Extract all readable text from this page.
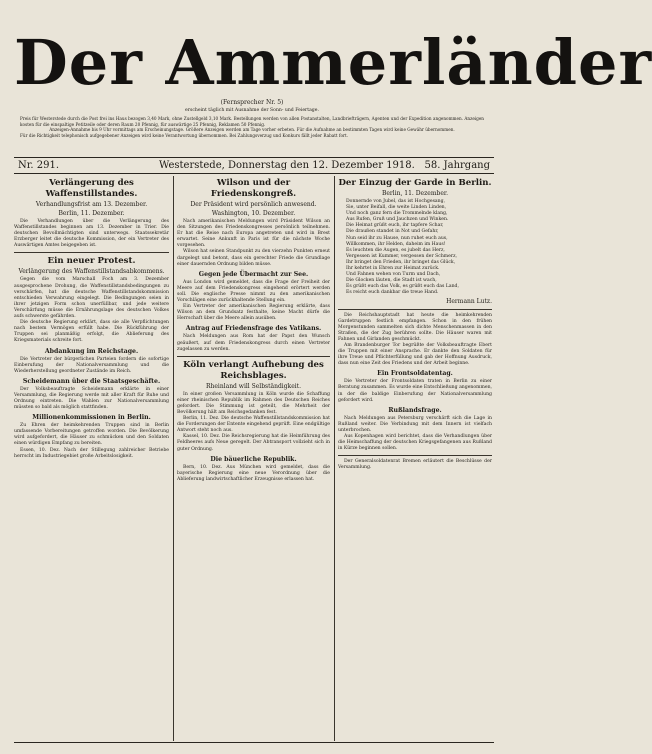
Der Ammerländer
(Fernsprecher Nr. 5)
erscheint täglich mit Ausnahme der Sonn- und Feiertage.
Preis für Westerstede durch die Post frei ins Haus bezogen 3,40 Mark, ohne Zustellgeld 3,10 Mark. Bestellungen werden von allen Postanstalten, Landbriefträgern, Agenten und der Expedition angenommen. Anzeigen kosten für die einspaltige Petitzeile oder deren Raum 20 Pfennig, für auswärtige 25 Pfennig, Reklamen 50 Pfennig.
Anzeigen-Annahme bis 9 Uhr vormittags am Erscheinungstage. Größere Anzeigen werden am Tage vorher erbeten. Für die Aufnahme an bestimmten Tagen wird keine Gewähr übernommen.
Für die Richtigkeit telephonisch aufgegebener Anzeigen wird keine Verantwortung übernommen. Bei Zahlungsverzug und Konkurs fällt jeder Rabatt fort.
Nr. 291.	Westerstede, Donnerstag den 12. Dezember 1918. 58. Jahrgang
Verlängerung des Waffenstillstandes.
Verhandlungsfrist am 13. Dezember.
Berlin, 11. Dezember.

Die Verhandlungen über die Verlängerung des Waffenstillstandes beginnen am 13. Dezember in Trier. Die deutschen Bevollmächtigten sind unterwegs. Staatssekretär Erzberger leitet die deutsche Kommission, der ein Vertreter des Auswärtigen Amtes beigegeben ist.

Ein neuer Protest.
Verlängerung des Waffenstillstandsabkommens.

Gegen die vom Marschall Foch am 3. Dezember ausgesprochene Drohung, die Waffenstillstandsbedingungen zu verschärfen, hat die deutsche Waffenstillstandskommission entschieden Verwahrung eingelegt. Die Bedingungen seien in ihrer jetzigen Form schon unerfüllbar, und jede weitere Verschärfung müsse die Ernährungslage des deutschen Volkes aufs schwerste gefährden.

Die deutsche Regierung erklärt, dass sie alle Verpflichtungen nach bestem Vermögen erfüllt habe. Die Rückführung der Truppen sei planmäßig erfolgt, die Ablieferung des Kriegsmaterials schreite fort.

Abdankung im Reichstage.

Die Vertreter der bürgerlichen Parteien fordern die sofortige Einberufung der Nationalversammlung und die Wiederherstellung geordneter Zustände im Reich.

Scheidemann über die Staatsgeschäfte.

Der Volksbeauftragte Scheidemann erklärte in einer Versammlung, die Regierung werde mit aller Kraft für Ruhe und Ordnung eintreten. Die Wahlen zur Nationalversammlung müssten so bald als möglich stattfinden.

Millionenkommissionen in Berlin.

Zu Ehren der heimkehrenden Truppen sind in Berlin umfassende Vorbereitungen getroffen worden. Die Bevölkerung wird aufgefordert, die Häuser zu schmücken und den Soldaten einen würdigen Empfang zu bereiten.

Essen, 10. Dez. Nach der Stillegung zahlreicher Betriebe herrscht im Industriegebiet große Arbeitslosigkeit.

Wilson und der Friedenskongreß.
Der Präsident wird persönlich anwesend.
Washington, 10. Dezember.

Nach amerikanischen Meldungen wird Präsident Wilson an den Sitzungen des Friedenskongresses persönlich teilnehmen. Er hat die Reise nach Europa angetreten und wird in Brest erwartet. Seine Ankunft in Paris ist für die nächste Woche vorgesehen.

Wilson hat seinen Standpunkt zu den vierzehn Punkten erneut dargelegt und betont, dass ein gerechter Friede die Grundlage einer dauernden Ordnung bilden müsse.

Gegen jede Übermacht zur See.

Aus London wird gemeldet, dass die Frage der Freiheit der Meere auf dem Friedenskongress eingehend erörtert werden soll. Die englische Presse nimmt zu den amerikanischen Vorschlägen eine zurückhaltende Stellung ein.

Ein Vertreter der amerikanischen Regierung erklärte, dass Wilson an dem Grundsatz festhalte, keine Macht dürfe die Herrschaft über die Meere allein ausüben.

Antrag auf Friedensfrage des Vatikans.

Nach Meldungen aus Rom hat der Papst den Wunsch geäußert, auf dem Friedenskongress durch einen Vertreter zugelassen zu werden.

Köln verlangt Aufhebung des Reichsblages.
Rheinland will Selbständigkeit.

In einer großen Versammlung in Köln wurde die Schaffung einer rheinischen Republik im Rahmen des Deutschen Reiches gefordert. Die Stimmung ist geteilt, die Mehrheit der Bevölkerung hält am Reichsgedanken fest.

Berlin, 11. Dez. Die deutsche Waffenstillstandskommission hat die Forderungen der Entente eingehend geprüft. Eine endgültige Antwort steht noch aus.

Kassel, 10. Dez. Die Reichsregierung hat die Heimführung des Feldheeres aufs Neue geregelt. Der Abtransport vollzieht sich in guter Ordnung.

Die bäuerliche Republik.

Bern, 10. Dez. Aus München wird gemeldet, dass die bayerische Regierung eine neue Verordnung über die Ablieferung landwirtschaftlicher Erzeugnisse erlassen hat.

Der Einzug der Garde in Berlin.
Berlin, 11. Dezember.
Donnernde von Jubel, das ist Hochgesang,
Sie, unter Beifall, die weite Linden Linden,
Und noch ganz fern die Trommelnde klang,
Aus Rufen, Gruß und Jauchzen und Winken.
Die Heimat grüßt euch, ihr tapfere Schar,
Die draußen standet in Not und Gefahr,
Nun seid ihr zu Hause, nun ruhet euch aus,
Willkommen, ihr Helden, daheim im Haus!
Es leuchten die Augen, es jubelt das Herz,
Vergessen ist Kummer, vergessen der Schmerz,
Ihr bringet den Frieden, ihr bringet das Glück,
Ihr kehrtet in Ehren zur Heimat zurück.
Und Fahnen wehen von Turm und Dach,
Die Glocken läuten, die Stadt ist wach,
Es grüßt euch das Volk, es grüßt euch das Land,
Es reicht euch dankbar die treue Hand.
Hermann Lutz.

Die Reichshauptstadt hat heute die heimkehrenden Gardetruppen festlich empfangen. Schon in den frühen Morgenstunden sammelten sich dichte Menschenmassen in den Straßen, die der Zug berühren sollte. Die Häuser waren mit Fahnen und Girlanden geschmückt.

Am Brandenburger Tor begrüßte der Volksbeauftragte Ebert die Truppen mit einer Ansprache. Er dankte den Soldaten für ihre Treue und Pflichterfüllung und gab der Hoffnung Ausdruck, dass nun eine Zeit des Friedens und der Arbeit beginne.

Ein Frontsoldatentag.

Die Vertreter der Frontsoldaten traten in Berlin zu einer Beratung zusammen. Es wurde eine Entschließung angenommen, in der die baldige Einberufung der Nationalversammlung gefordert wird.

Rußlandsfrage.

Nach Meldungen aus Petersburg verschärft sich die Lage in Rußland weiter. Die Verbindung mit dem Innern ist vielfach unterbrochen.

Aus Kopenhagen wird berichtet, dass die Verhandlungen über die Heimschaffung der deutschen Kriegsgefangenen aus Rußland in Kürze beginnen sollen.

Der Generalsoldatenrat Bremen erläutert die Beschlüsse der Versammlung.
